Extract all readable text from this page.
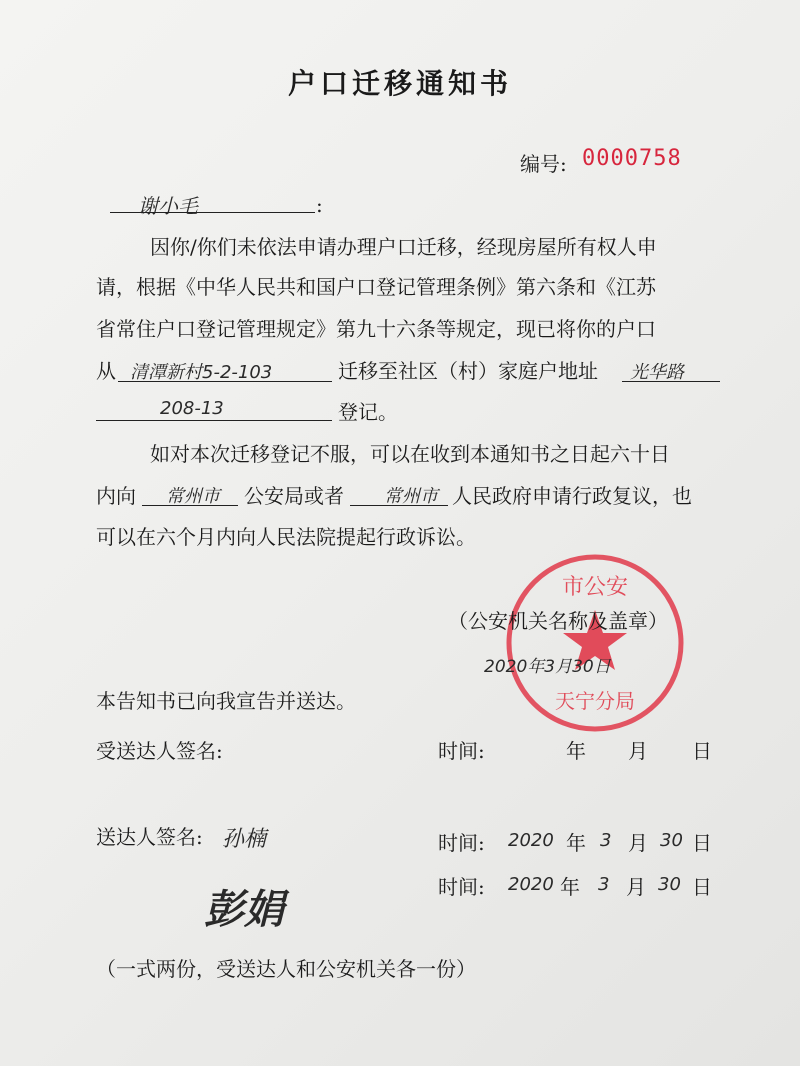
户口迁移通知书
编号: 0000758
谢小毛	:
因你/你们未依法申请办理户口迁移，经现房屋所有权人申
请，根据《中华人民共和国户口登记管理条例》第六条和《江苏
省常住户口登记管理规定》第九十六条等规定，现已将你的户口
从 清潭新村5-2-103	迁移至社区（村）家庭户地址 光华路
208-13	登记。
如对本次迁移登记不服，可以在收到本通知书之日起六十日
内向 常州市 公安局或者 常州市 人民政府申请行政复议，也
可以在六个月内向人民法院提起行政诉讼。
市公安
天宁分局
（公安机关名称及盖章）
2020年3月30日
本告知书已向我宣告并送达。
受送达人签名:	时间:	年 月 日
送达人签名: 孙楠	时间: 2020 年 3 月 30 日
时间: 2020 年 3 月 30 日
彭娟
（一式两份，受送达人和公安机关各一份）
